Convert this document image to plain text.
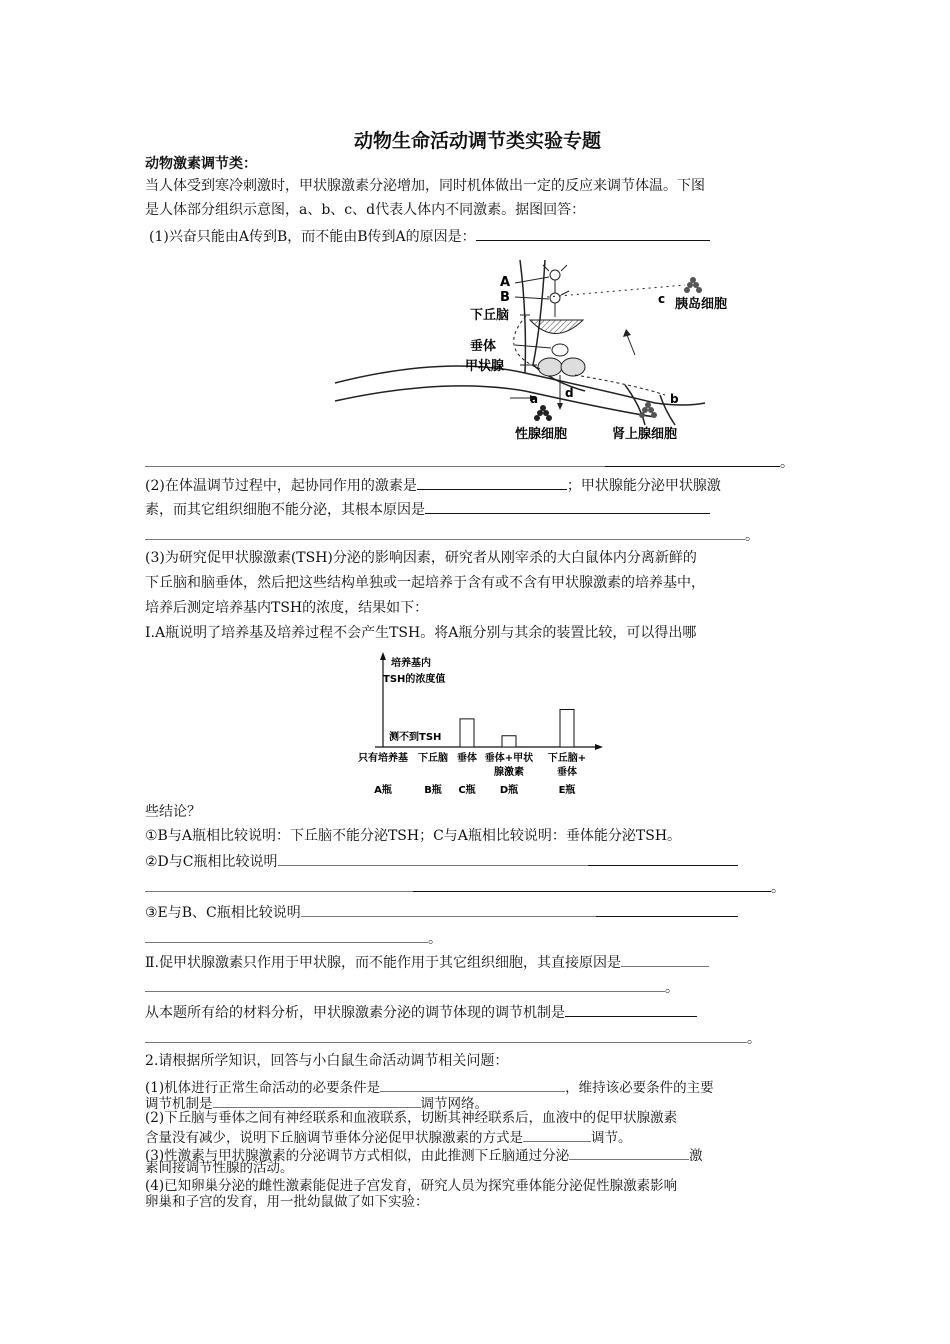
动物生命活动调节类实验专题
动物激素调节类：
当人体受到寒冷刺激时，甲状腺激素分泌增加，同时机体做出一定的反应来调节体温。下图
是人体部分组织示意图，a、b、c、d代表人体内不同激素。据图回答：
(1)兴奋只能由A传到B，而不能由B传到A的原因是：
A
B
下丘脑
垂体
甲状腺
a d	b
c 胰岛细胞
性腺细胞	肾上腺细胞
。
(2)在体温调节过程中，起协同作用的激素是	；甲状腺能分泌甲状腺激
素，而其它组织细胞不能分泌，其根本原因是
。
(3)为研究促甲状腺激素(TSH)分泌的影响因素，研究者从刚宰杀的大白鼠体内分离新鲜的
下丘脑和脑垂体，然后把这些结构单独或一起培养于含有或不含有甲状腺激素的培养基中，
培养后测定培养基内TSH的浓度，结果如下：
Ⅰ.A瓶说明了培养基及培养过程不会产生TSH。将A瓶分别与其余的装置比较，可以得出哪
培养基内
TSH的浓度值
测不到TSH
只有培养基
A瓶
下丘脑
B瓶
垂体
C瓶
垂体+甲状
腺激素
D瓶
下丘脑+
垂体
E瓶
些结论？
①B与A瓶相比较说明：下丘脑不能分泌TSH；C与A瓶相比较说明：垂体能分泌TSH。
②D与C瓶相比较说明
。
③E与B、C瓶相比较说明
。
Ⅱ.促甲状腺激素只作用于甲状腺，而不能作用于其它组织细胞，其直接原因是
。
从本题所有给的材料分析，甲状腺激素分泌的调节体现的调节机制是
。
2.请根据所学知识，回答与小白鼠生命活动调节相关问题：
(1)机体进行正常生命活动的必要条件是	，维持该必要条件的主要
调节机制是	调节网络。
(2)下丘脑与垂体之间有神经联系和血液联系，切断其神经联系后，血液中的促甲状腺激素
含量没有减少，说明下丘脑调节垂体分泌促甲状腺激素的方式是	调节。
(3)性激素与甲状腺激素的分泌调节方式相似，由此推测下丘脑通过分泌	激
素间接调节性腺的活动。
(4)已知卵巢分泌的雌性激素能促进子宫发育，研究人员为探究垂体能分泌促性腺激素影响
卵巢和子宫的发育，用一批幼鼠做了如下实验：
